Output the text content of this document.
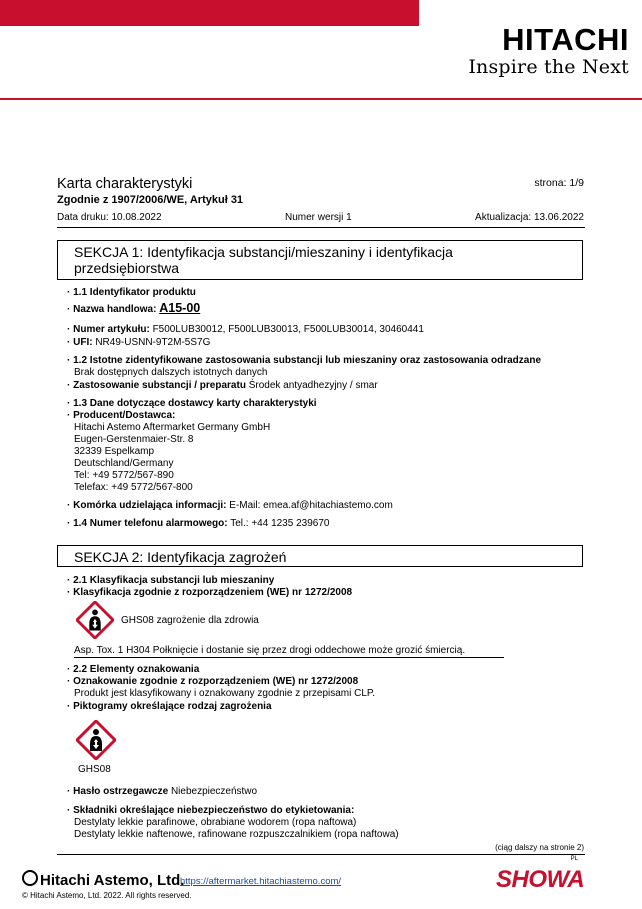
HITACHI
Inspire the Next
Karta charakterystyki
Zgodnie z 1907/2006/WE, Artykuł 31
strona: 1/9
Data druku: 10.08.2022	Numer wersji 1	Aktualizacja: 13.06.2022
SEKCJA 1: Identyfikacja substancji/mieszaniny i identyfikacja
przedsiębiorstwa
· 1.1 Identyfikator produktu
· Nazwa handlowa: A15-00
· Numer artykułu: F500LUB30012, F500LUB30013, F500LUB30014, 30460441
· UFI: NR49-USNN-9T2M-5S7G
· 1.2 Istotne zidentyfikowane zastosowania substancji lub mieszaniny oraz zastosowania odradzane
Brak dostępnych dalszych istotnych danych
· Zastosowanie substancji / preparatu Środek antyadhezyjny / smar
· 1.3 Dane dotyczące dostawcy karty charakterystyki
· Producent/Dostawca:
Hitachi Astemo Aftermarket Germany GmbH
Eugen-Gerstenmaier-Str. 8
32339 Espelkamp
Deutschland/Germany
Tel: +49 5772/567-890
Telefax: +49 5772/567-800
· Komórka udzielająca informacji: E-Mail: emea.af@hitachiastemo.com
· 1.4 Numer telefonu alarmowego: Tel.: +44 1235 239670
SEKCJA 2: Identyfikacja zagrożeń
· 2.1 Klasyfikacja substancji lub mieszaniny
· Klasyfikacja zgodnie z rozporządzeniem (WE) nr 1272/2008
GHS08 zagrożenie dla zdrowia
Asp. Tox. 1 H304 Połknięcie i dostanie się przez drogi oddechowe może grozić śmiercią.
· 2.2 Elementy oznakowania
· Oznakowanie zgodnie z rozporządzeniem (WE) nr 1272/2008
Produkt jest klasyfikowany i oznakowany zgodnie z przepisami CLP.
· Piktogramy określające rodzaj zagrożenia
GHS08
· Hasło ostrzegawcze Niebezpieczeństwo
· Składniki określające niebezpieczeństwo do etykietowania:
Destylaty lekkie parafinowe, obrabiane wodorem (ropa naftowa)
Destylaty lekkie naftenowe, rafinowane rozpuszczalnikiem (ropa naftowa)
(ciąg dalszy na stronie 2)
PL
Hitachi Astemo, Ltd.
https://aftermarket.hitachiastemo.com/
© Hitachi Astemo, Ltd. 2022. All rights reserved.
SHOWA
